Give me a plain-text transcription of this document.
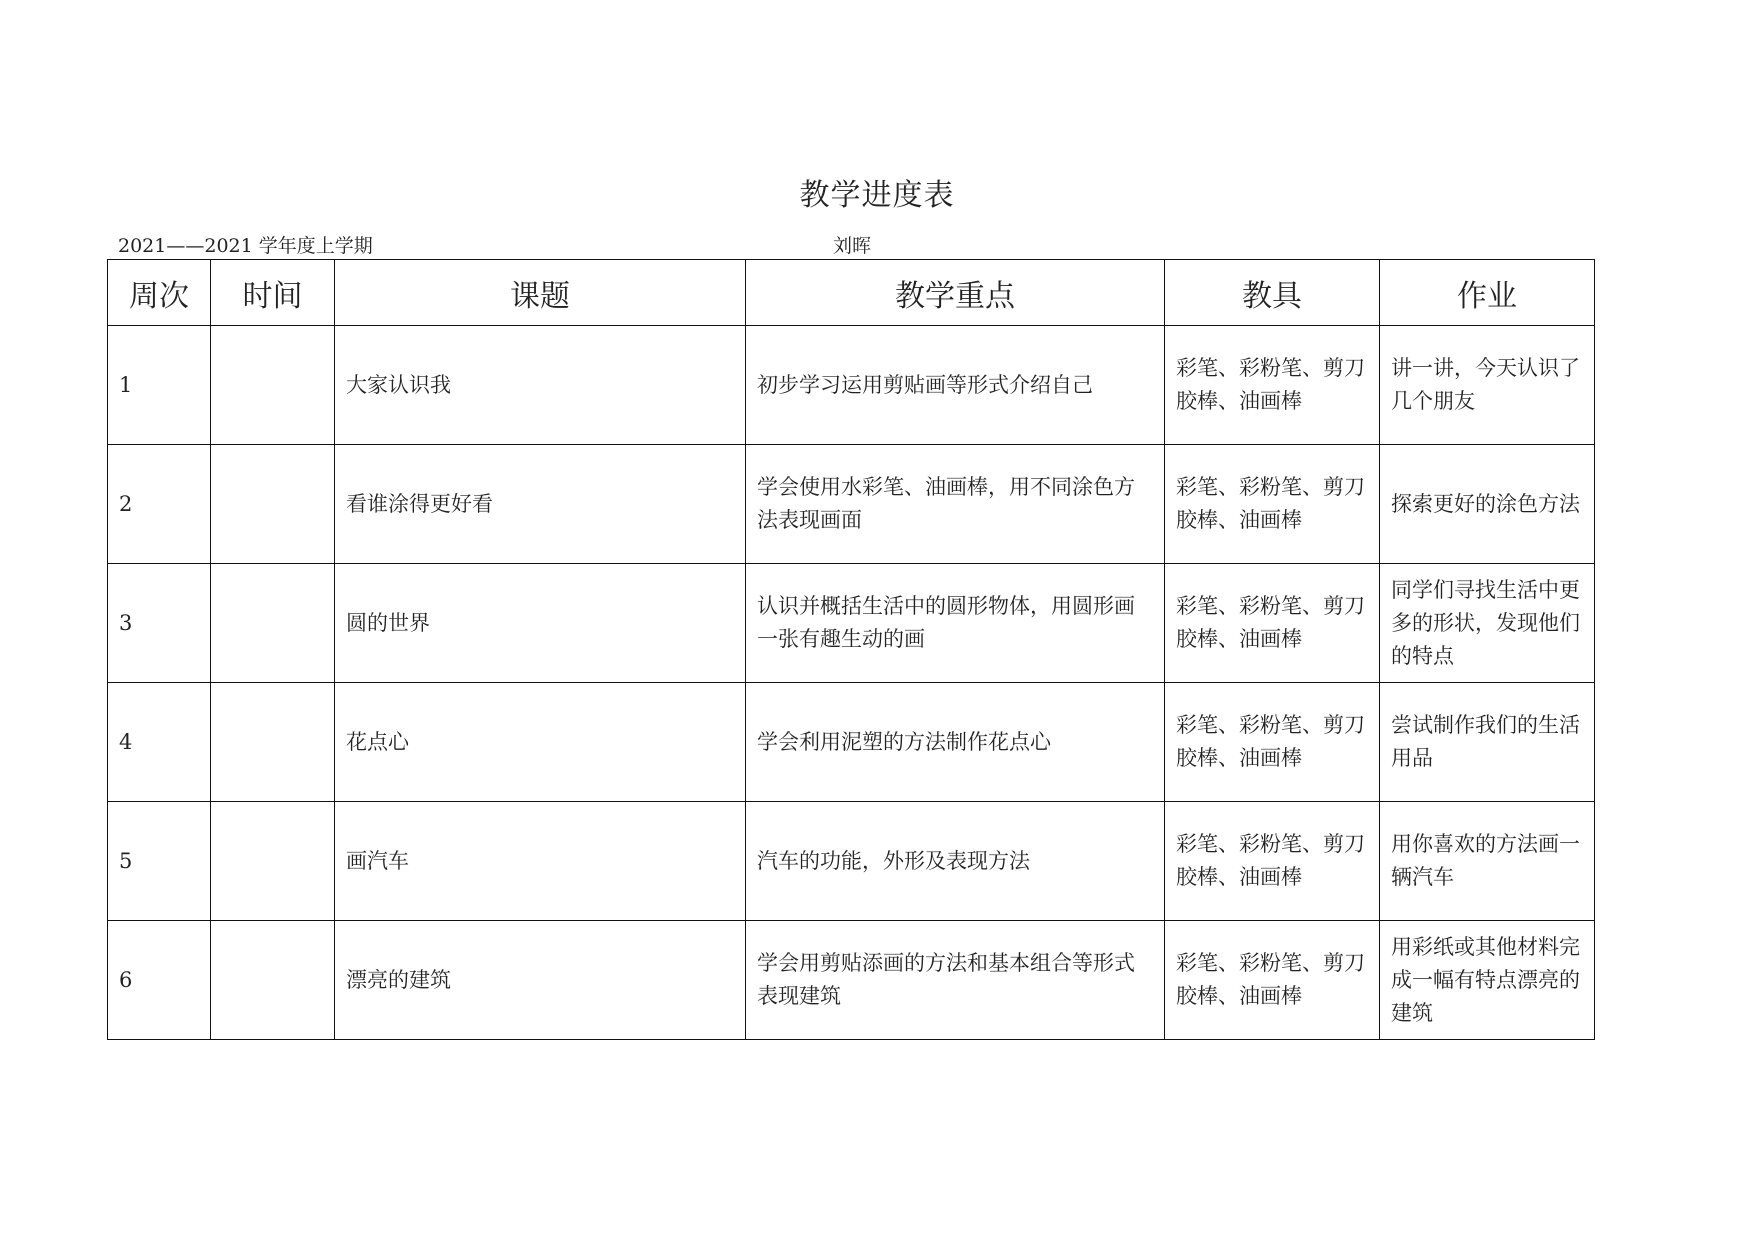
教学进度表
2021——2021 学年度上学期	刘晖
周次	时间	课题	教学重点	教具	作业
1		大家认识我	初步学习运用剪贴画等形式介绍自己	彩笔、彩粉笔、剪刀胶棒、油画棒	讲一讲，今天认识了几个朋友
2		看谁涂得更好看	学会使用水彩笔、油画棒，用不同涂色方法表现画面	彩笔、彩粉笔、剪刀胶棒、油画棒	探索更好的涂色方法
3		圆的世界	认识并概括生活中的圆形物体，用圆形画一张有趣生动的画	彩笔、彩粉笔、剪刀胶棒、油画棒	同学们寻找生活中更多的形状，发现他们的特点
4		花点心	学会利用泥塑的方法制作花点心	彩笔、彩粉笔、剪刀胶棒、油画棒	尝试制作我们的生活用品
5		画汽车	汽车的功能，外形及表现方法	彩笔、彩粉笔、剪刀胶棒、油画棒	用你喜欢的方法画一辆汽车
6		漂亮的建筑	学会用剪贴添画的方法和基本组合等形式表现建筑	彩笔、彩粉笔、剪刀胶棒、油画棒	用彩纸或其他材料完成一幅有特点漂亮的建筑
